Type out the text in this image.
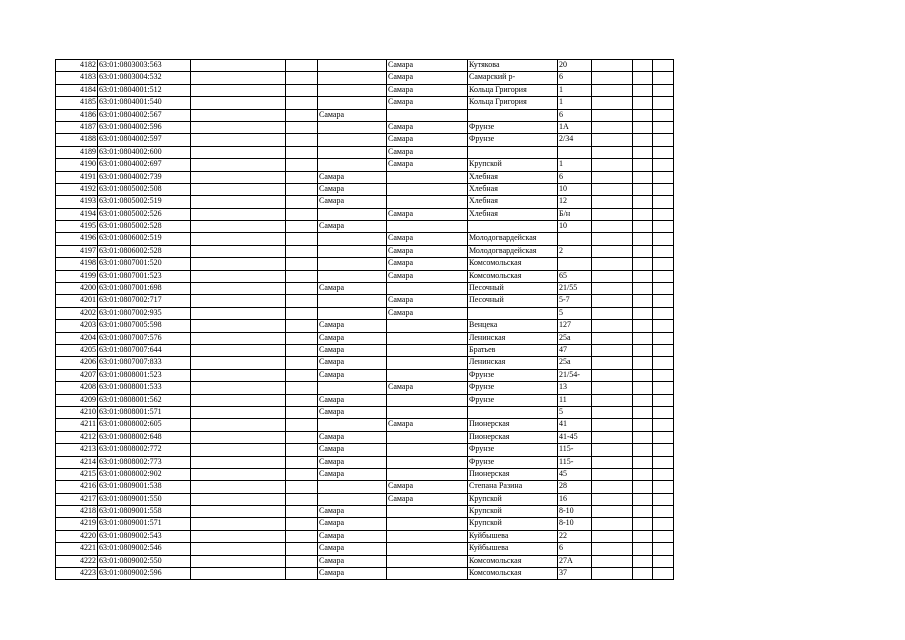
4182	63:01:0803003:563				Самара	Кутякова	20			
4183	63:01:0803004:532				Самара	Самарский р-	6			
4184	63:01:0804001:512				Самара	Кольца Григория	1			
4185	63:01:0804001:540				Самара	Кольца Григория	1			
4186	63:01:0804002:567			Самара			6			
4187	63:01:0804002:596				Самара	Фрунзе	1А			
4188	63:01:0804002:597				Самара	Фрунзе	2/34			
4189	63:01:0804002:600				Самара					
4190	63:01:0804002:697				Самара	Крупской	1			
4191	63:01:0804002:739			Самара		Хлебная	6			
4192	63:01:0805002:508			Самара		Хлебная	10			
4193	63:01:0805002:519			Самара		Хлебная	12			
4194	63:01:0805002:526				Самара	Хлебная	Б/н			
4195	63:01:0805002:528			Самара			10			
4196	63:01:0806002:519				Самара	Молодогвардейская				
4197	63:01:0806002:528				Самара	Молодогвардейская	2			
4198	63:01:0807001:520				Самара	Комсомольская				
4199	63:01:0807001:523				Самара	Комсомольская	65			
4200	63:01:0807001:698			Самара		Песочный	21/55			
4201	63:01:0807002:717				Самара	Песочный	5-7			
4202	63:01:0807002:935				Самара		5			
4203	63:01:0807005:598			Самара		Венцека	127			
4204	63:01:0807007:576			Самара		Ленинская	25а			
4205	63:01:0807007:644			Самара		Братьев	47			
4206	63:01:0807007:833			Самара		Ленинская	25а			
4207	63:01:0808001:523			Самара		Фрунзе	21/54-			
4208	63:01:0808001:533				Самара	Фрунзе	13			
4209	63:01:0808001:562			Самара		Фрунзе	11			
4210	63:01:0808001:571			Самара			5			
4211	63:01:0808002:605				Самара	Пионерская	41			
4212	63:01:0808002:648			Самара		Пионерская	41-45			
4213	63:01:0808002:772			Самара		Фрунзе	115-			
4214	63:01:0808002:773			Самара		Фрунзе	115-			
4215	63:01:0808002:902			Самара		Пионерская	45			
4216	63:01:0809001:538				Самара	Степана Разина	28			
4217	63:01:0809001:550				Самара	Крупской	16			
4218	63:01:0809001:558			Самара		Крупской	8-10			
4219	63:01:0809001:571			Самара		Крупской	8-10			
4220	63:01:0809002:543			Самара		Куйбышева	22			
4221	63:01:0809002:546			Самара		Куйбышева	6			
4222	63:01:0809002:550			Самара		Комсомольская	27А			
4223	63:01:0809002:596			Самара		Комсомольская	37			
